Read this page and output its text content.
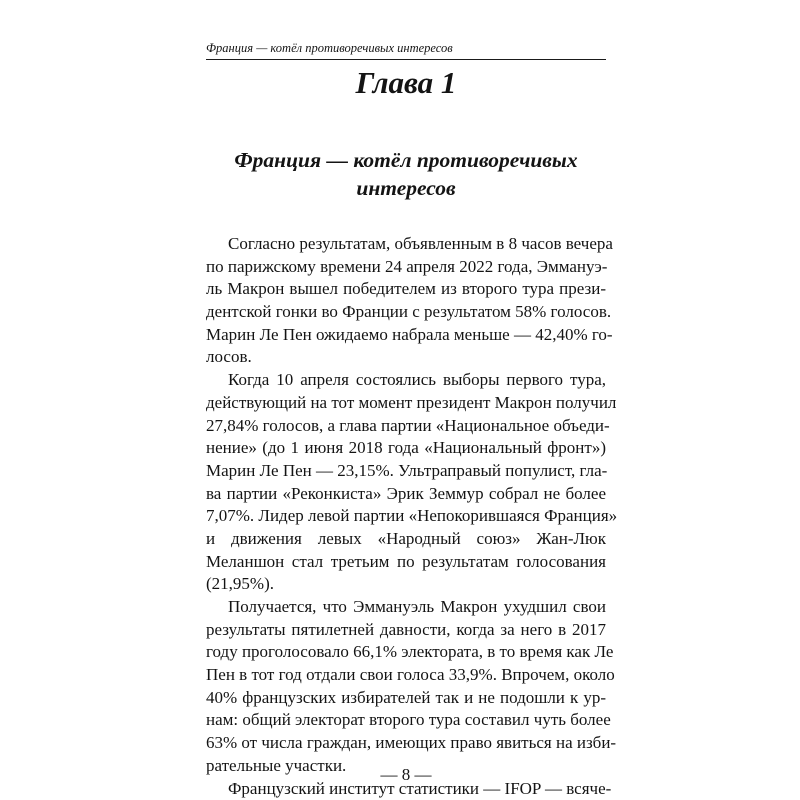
Франция — котёл противоречивых интересов
Глава 1
Франция — котёл противоречивых
интересов
Согласно результатам, объявленным в 8 часов вечера
по парижскому времени 24 апреля 2022 года, Эммануэ-
ль Макрон вышел победителем из второго тура прези-
дентской гонки во Франции с результатом 58% голосов.
Марин Ле Пен ожидаемо набрала меньше — 42,40% го-
лосов.
Когда 10 апреля состоялись выборы первого тура,
действующий на тот момент президент Макрон получил
27,84% голосов, а глава партии «Национальное объеди-
нение» (до 1 июня 2018 года «Национальный фронт»)
Марин Ле Пен — 23,15%. Ультраправый популист, гла-
ва партии «Реконкиста» Эрик Земмур собрал не более
7,07%. Лидер левой партии «Непокорившаяся Франция»
и движения левых «Народный союз» Жан-Люк
Меланшон стал третьим по результатам голосования
(21,95%).
Получается, что Эммануэль Макрон ухудшил свои
результаты пятилетней давности, когда за него в 2017
году проголосовало 66,1% электората, в то время как Ле
Пен в тот год отдали свои голоса 33,9%. Впрочем, около
40% французских избирателей так и не подошли к ур-
нам: общий электорат второго тура составил чуть более
63% от числа граждан, имеющих право явиться на изби-
рательные участки.
Французский институт статистики — IFOP — всяче-
— 8 —
